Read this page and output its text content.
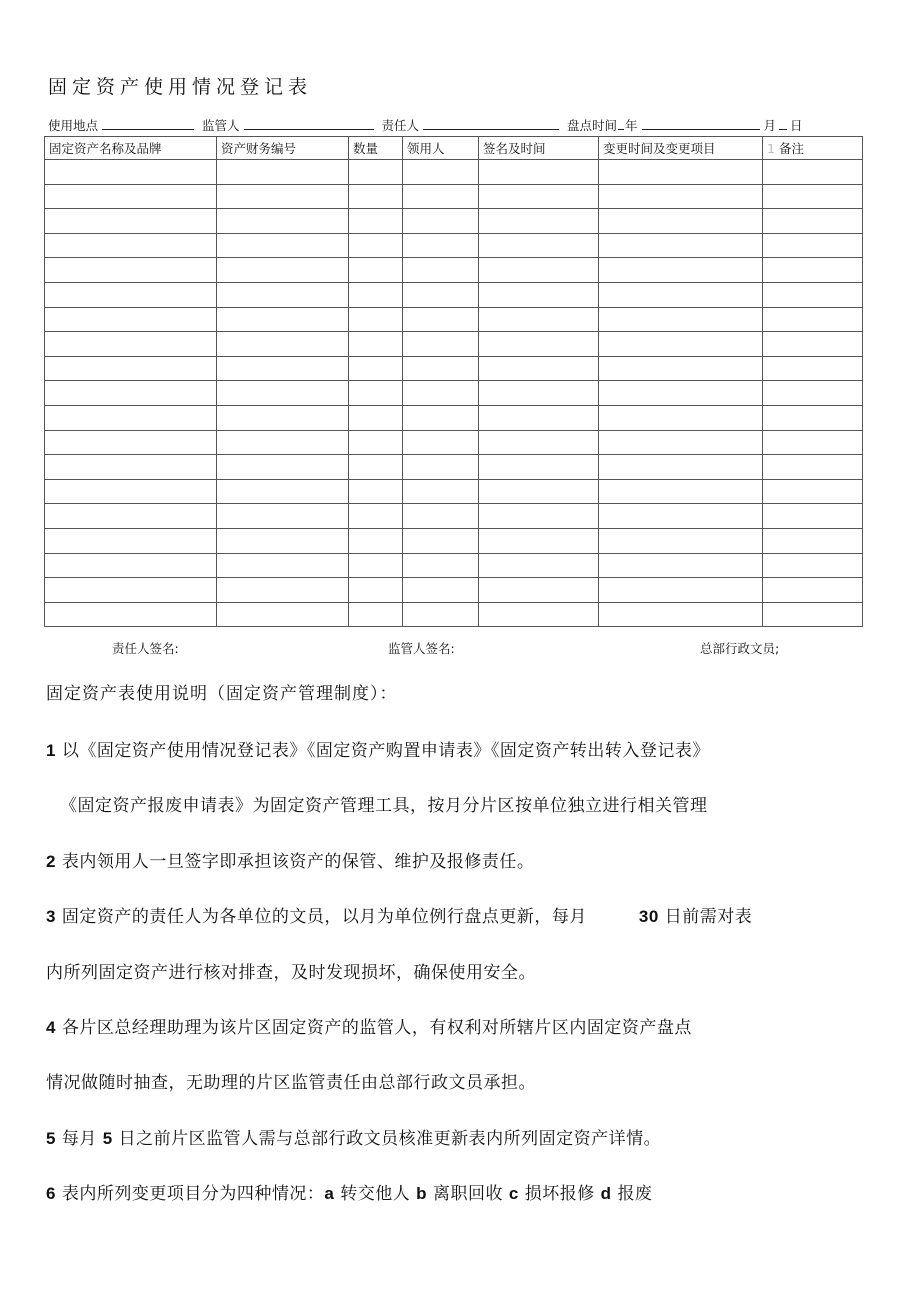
固定资产使用情况登记表
使用地点	监管人	责任人	盘点时间 年	月 日
固定资产名称及品牌	资产财务编号	数量	领用人	签名及时间	变更时间及变更项目	1 备注

责任人签名:	监管人签名:	总部行政文员;
固定资产表使用说明（固定资产管理制度）：
1 以《固定资产使用情况登记表》《固定资产购置申请表》《固定资产转出转入登记表》
《固定资产报废申请表》为固定资产管理工具，按月分片区按单位独立进行相关管理
2 表内领用人一旦签字即承担该资产的保管、维护及报修责任。
3 固定资产的责任人为各单位的文员，以月为单位例行盘点更新，每月	30 日前需对表
内所列固定资产进行核对排查，及时发现损坏，确保使用安全。
4 各片区总经理助理为该片区固定资产的监管人，有权利对所辖片区内固定资产盘点
情况做随时抽查，无助理的片区监管责任由总部行政文员承担。
5 每月 5 日之前片区监管人需与总部行政文员核准更新表内所列固定资产详情。
6 表内所列变更项目分为四种情况：a 转交他人 b 离职回收 c 损坏报修 d 报废
